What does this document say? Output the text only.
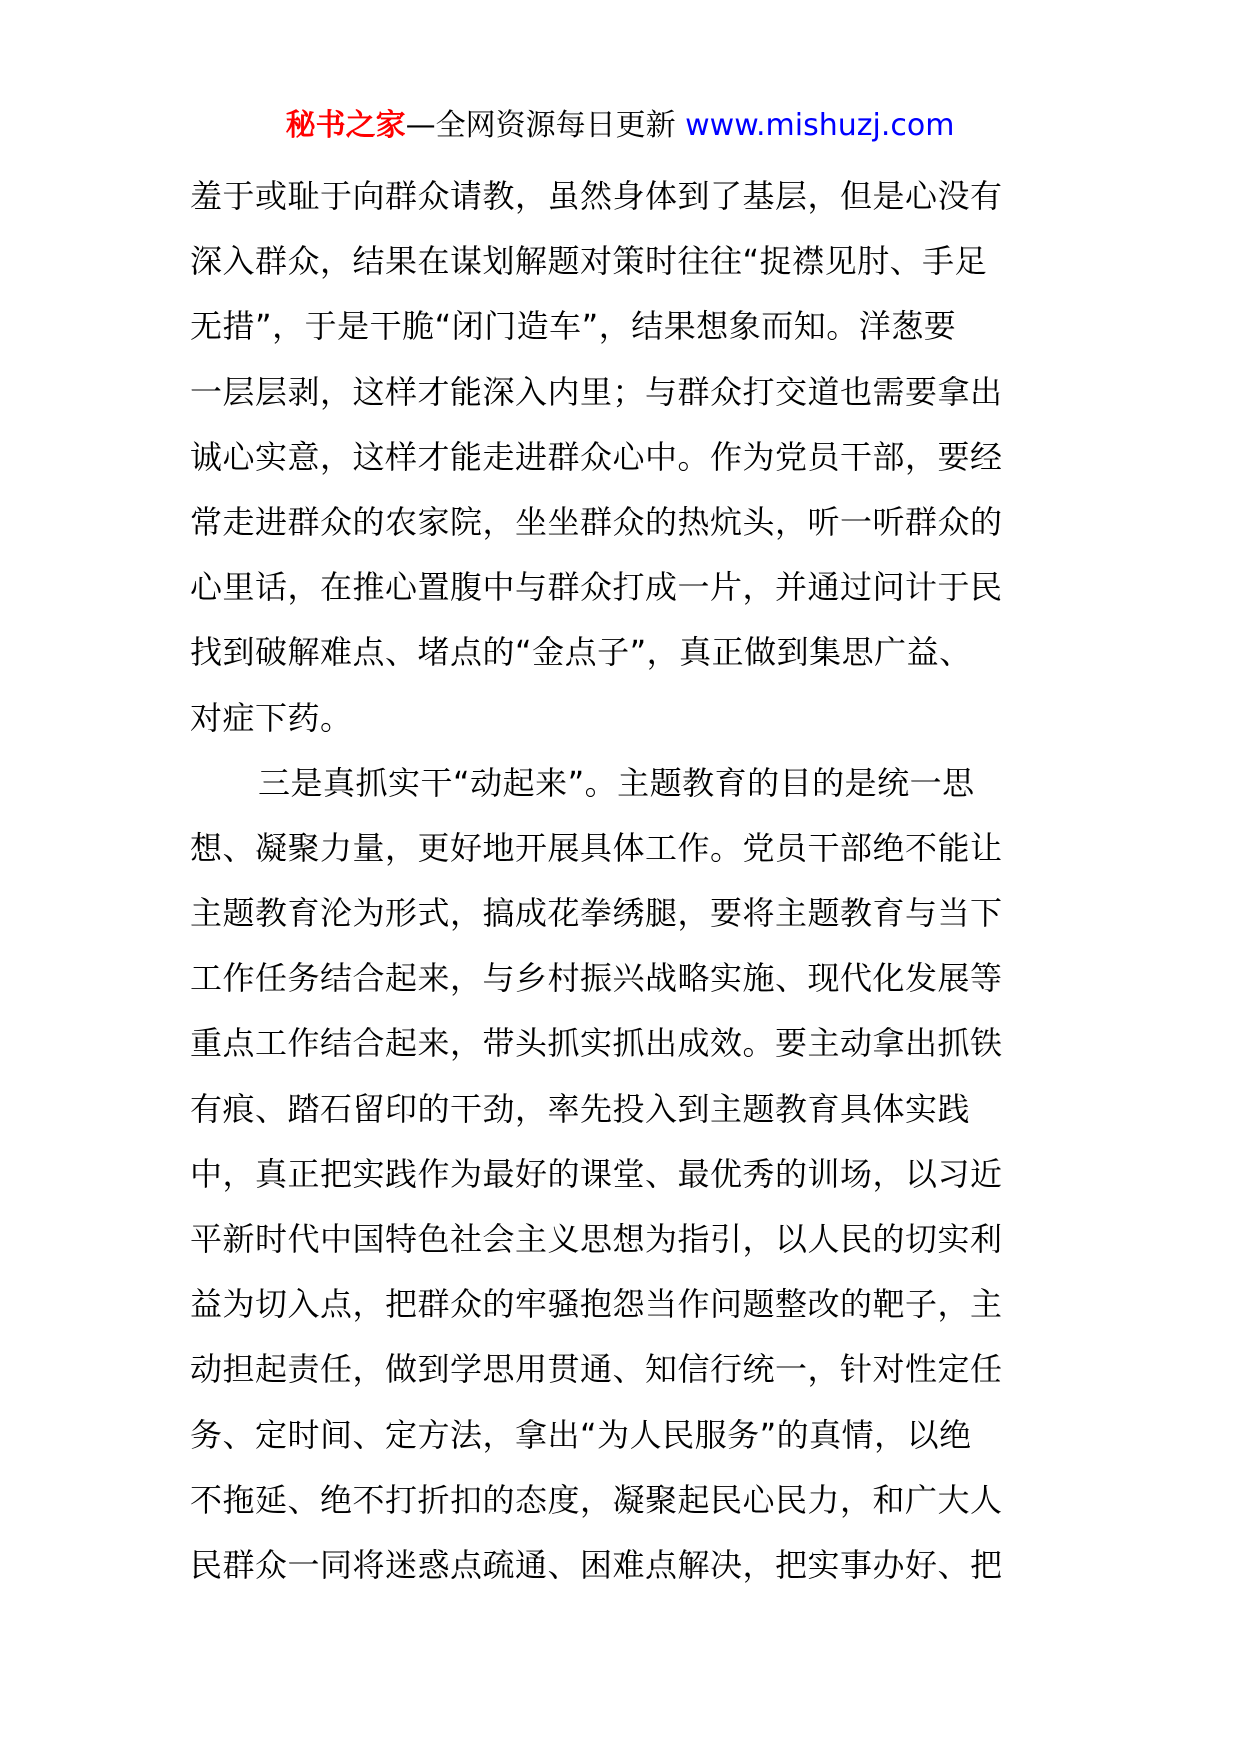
秘书之家—全网资源每日更新 www.mishuzj.com
羞于或耻于向群众请教，虽然身体到了基层，但是心没有
深入群众，结果在谋划解题对策时往往“捉襟见肘、手足
无措”，于是干脆“闭门造车”，结果想象而知。洋葱要
一层层剥，这样才能深入内里；与群众打交道也需要拿出
诚心实意，这样才能走进群众心中。作为党员干部，要经
常走进群众的农家院，坐坐群众的热炕头，听一听群众的
心里话，在推心置腹中与群众打成一片，并通过问计于民
找到破解难点、堵点的“金点子”，真正做到集思广益、
对症下药。
三是真抓实干“动起来”。主题教育的目的是统一思
想、凝聚力量，更好地开展具体工作。党员干部绝不能让
主题教育沦为形式，搞成花拳绣腿，要将主题教育与当下
工作任务结合起来，与乡村振兴战略实施、现代化发展等
重点工作结合起来，带头抓实抓出成效。要主动拿出抓铁
有痕、踏石留印的干劲，率先投入到主题教育具体实践
中，真正把实践作为最好的课堂、最优秀的训场，以习近
平新时代中国特色社会主义思想为指引，以人民的切实利
益为切入点，把群众的牢骚抱怨当作问题整改的靶子，主
动担起责任，做到学思用贯通、知信行统一，针对性定任
务、定时间、定方法，拿出“为人民服务”的真情，以绝
不拖延、绝不打折扣的态度，凝聚起民心民力，和广大人
民群众一同将迷惑点疏通、困难点解决，把实事办好、把
